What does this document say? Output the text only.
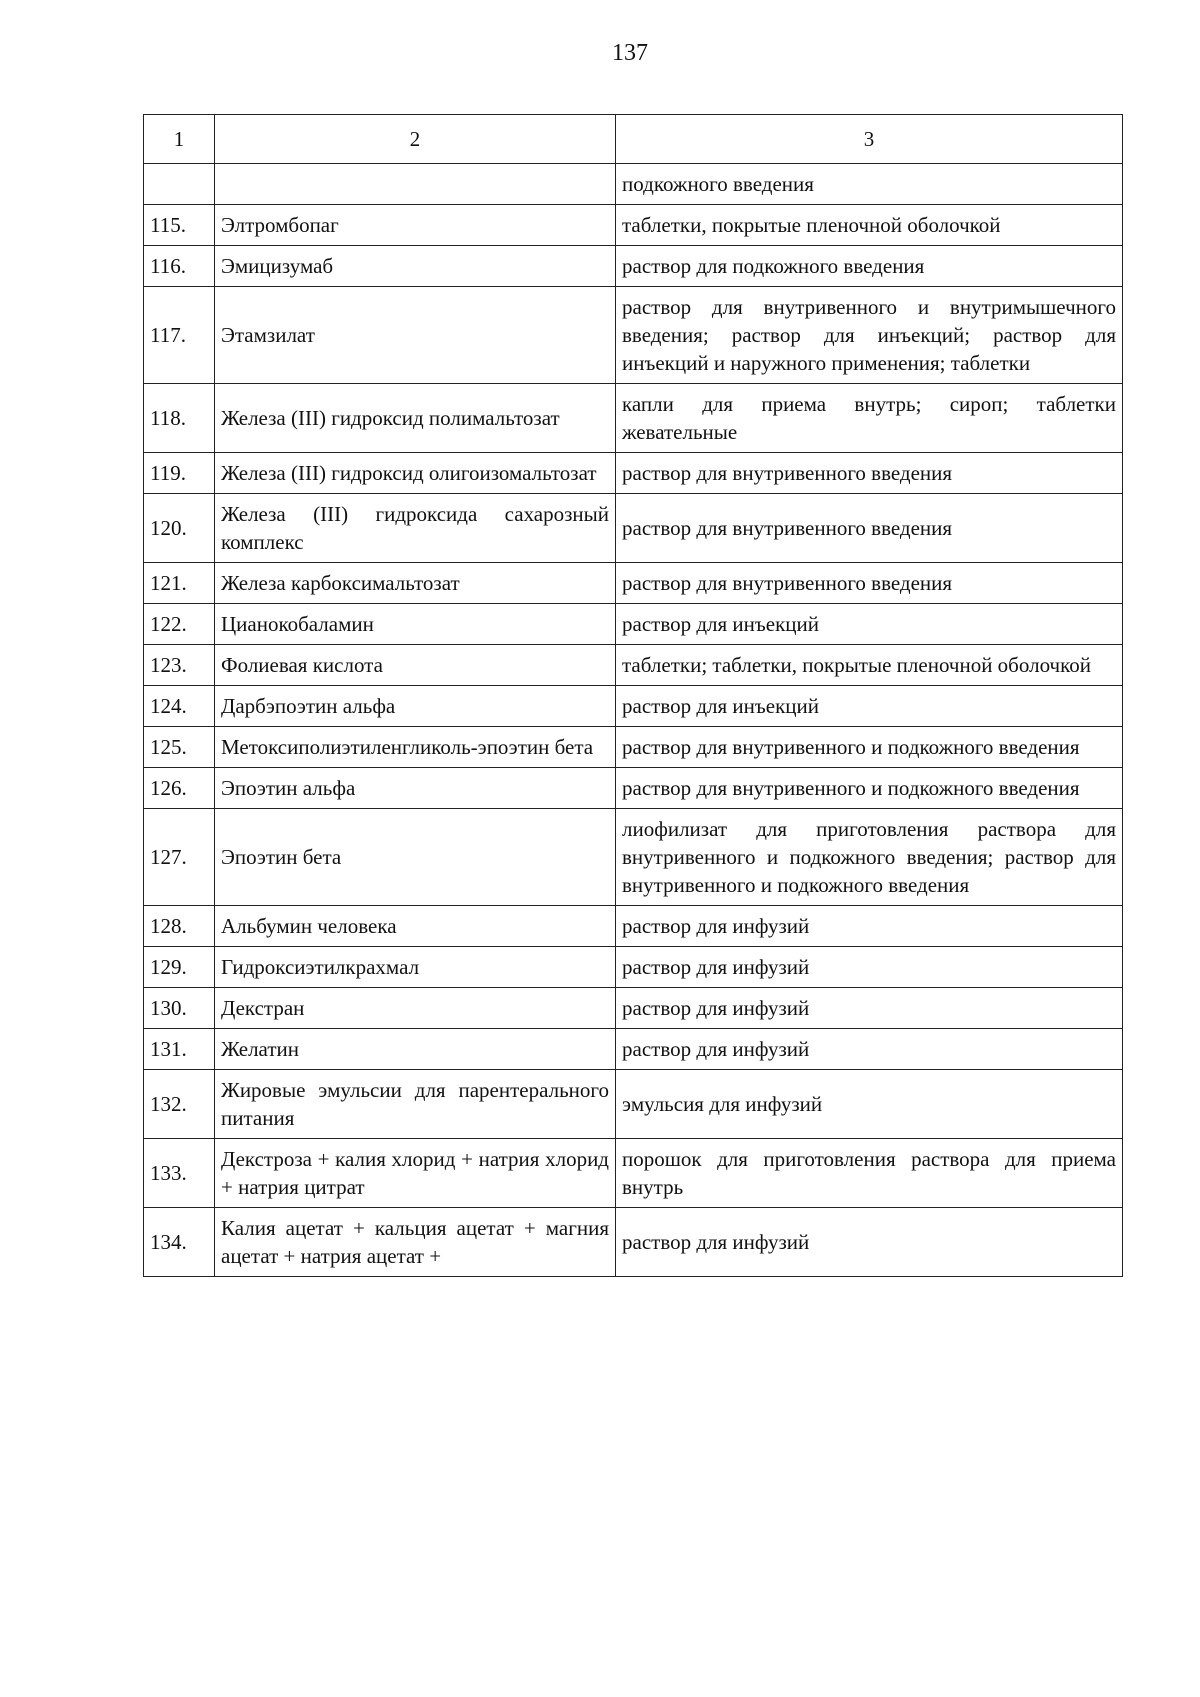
137
1	2	3
		подкожного введения
115.	Элтромбопаг	таблетки, покрытые пленочной оболочкой
116.	Эмицизумаб	раствор для подкожного введения
117.	Этамзилат	раствор для внутривенного и внутримышечного введения; раствор для инъекций; раствор для инъекций и наружного применения; таблетки
118.	Железа (III) гидроксид полимальтозат	капли для приема внутрь; сироп; таблетки жевательные
119.	Железа (III) гидроксид олигоизомальтозат	раствор для внутривенного введения
120.	Железа (III) гидроксида сахарозный комплекс	раствор для внутривенного введения
121.	Железа карбоксимальтозат	раствор для внутривенного введения
122.	Цианокобаламин	раствор для инъекций
123.	Фолиевая кислота	таблетки; таблетки, покрытые пленочной оболочкой
124.	Дарбэпоэтин альфа	раствор для инъекций
125.	Метоксиполиэтиленгликоль-эпоэтин бета	раствор для внутривенного и подкожного введения
126.	Эпоэтин альфа	раствор для внутривенного и подкожного введения
127.	Эпоэтин бета	лиофилизат для приготовления раствора для внутривенного и подкожного введения; раствор для внутривенного и подкожного введения
128.	Альбумин человека	раствор для инфузий
129.	Гидроксиэтилкрахмал	раствор для инфузий
130.	Декстран	раствор для инфузий
131.	Желатин	раствор для инфузий
132.	Жировые эмульсии для парентерального питания	эмульсия для инфузий
133.	Декстроза + калия хлорид + натрия хлорид + натрия цитрат	порошок для приготовления раствора для приема внутрь
134.	Калия ацетат + кальция ацетат + магния ацетат + натрия ацетат +	раствор для инфузий
